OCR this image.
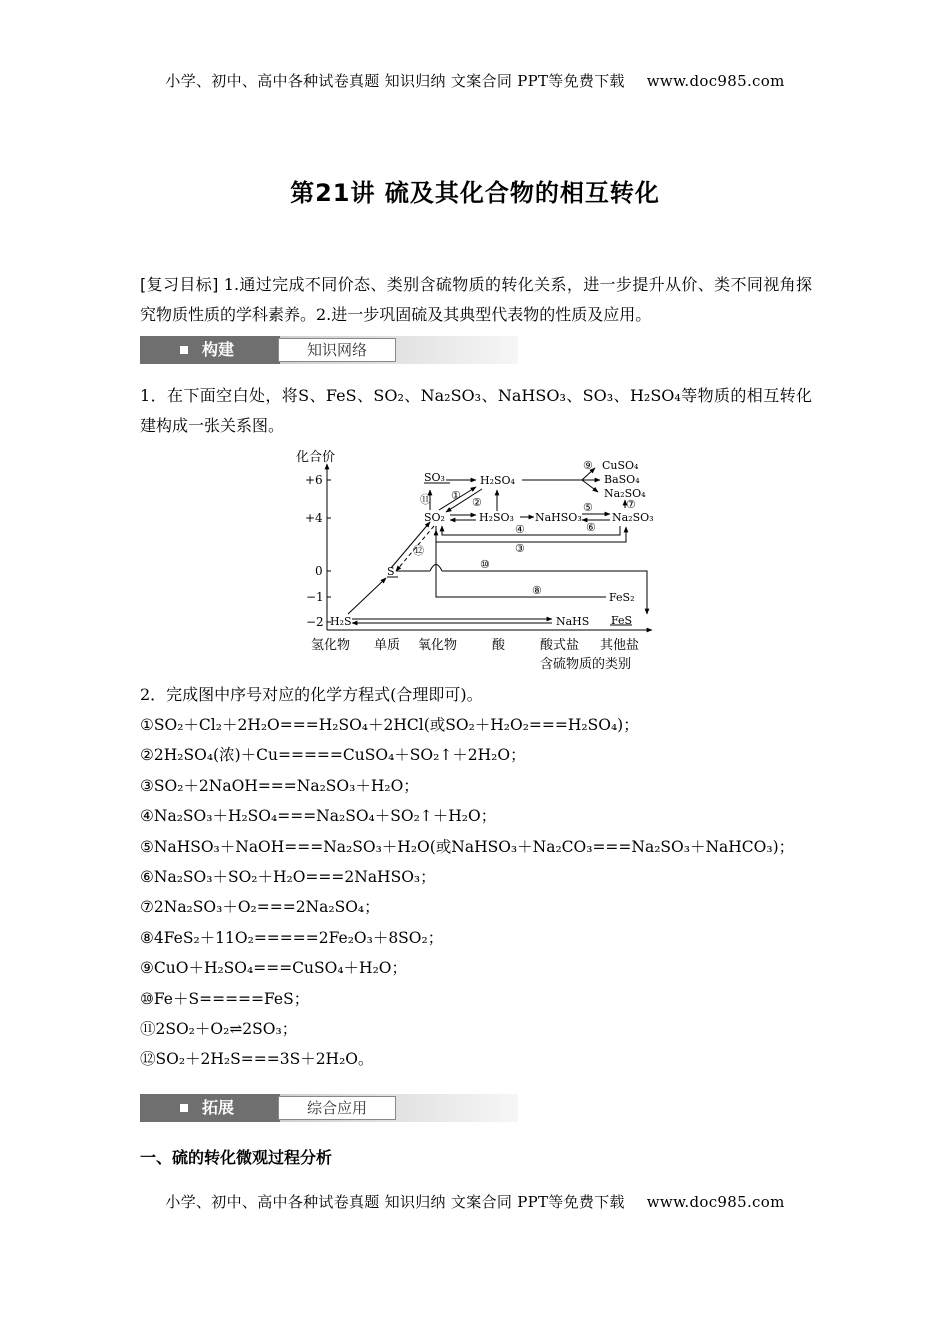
小学、初中、高中各种试卷真题 知识归纳 文案合同 PPT等免费下载 www.doc985.com
第21讲 硫及其化合物的相互转化
[复习目标] 1.通过完成不同价态、类别含硫物质的转化关系，进一步提升从价、类不同视角探究物质性质的学科素养。2.进一步巩固硫及其典型代表物的性质及应用。
构建	知识网络
1．在下面空白处，将S、FeS、SO₂、Na₂SO₃、NaHSO₃、SO₃、H₂SO₄等物质的相互转化建构成一张关系图。
化合价
+6
+4
0
−1
−2
氢化物 单质 氧化物	酸	酸式盐 其他盐
含硫物质的类别
SO₃	H₂SO₄
CuSO₄
BaSO₄
Na₂SO₄
SO₂	H₂SO₃ NaHSO₃	Na₂SO₃
S
FeS₂
H₂S	NaHS FeS
①
②
③
④
⑤
⑥
⑦
⑧
⑨
⑩
⑪
⑫
2．完成图中序号对应的化学方程式(合理即可)。
①SO₂＋Cl₂＋2H₂O===H₂SO₄＋2HCl(或SO₂＋H₂O₂===H₂SO₄)；
②2H₂SO₄(浓)＋Cu=====CuSO₄＋SO₂↑＋2H₂O；
③SO₂＋2NaOH===Na₂SO₃＋H₂O；
④Na₂SO₃＋H₂SO₄===Na₂SO₄＋SO₂↑＋H₂O；
⑤NaHSO₃＋NaOH===Na₂SO₃＋H₂O(或NaHSO₃＋Na₂CO₃===Na₂SO₃＋NaHCO₃)；
⑥Na₂SO₃＋SO₂＋H₂O===2NaHSO₃；
⑦2Na₂SO₃＋O₂===2Na₂SO₄；
⑧4FeS₂＋11O₂=====2Fe₂O₃＋8SO₂；
⑨CuO＋H₂SO₄===CuSO₄＋H₂O；
⑩Fe＋S=====FeS；
⑪2SO₂＋O₂⇌2SO₃；
⑫SO₂＋2H₂S===3S＋2H₂O。
拓展	综合应用
一、硫的转化微观过程分析
小学、初中、高中各种试卷真题 知识归纳 文案合同 PPT等免费下载 www.doc985.com
